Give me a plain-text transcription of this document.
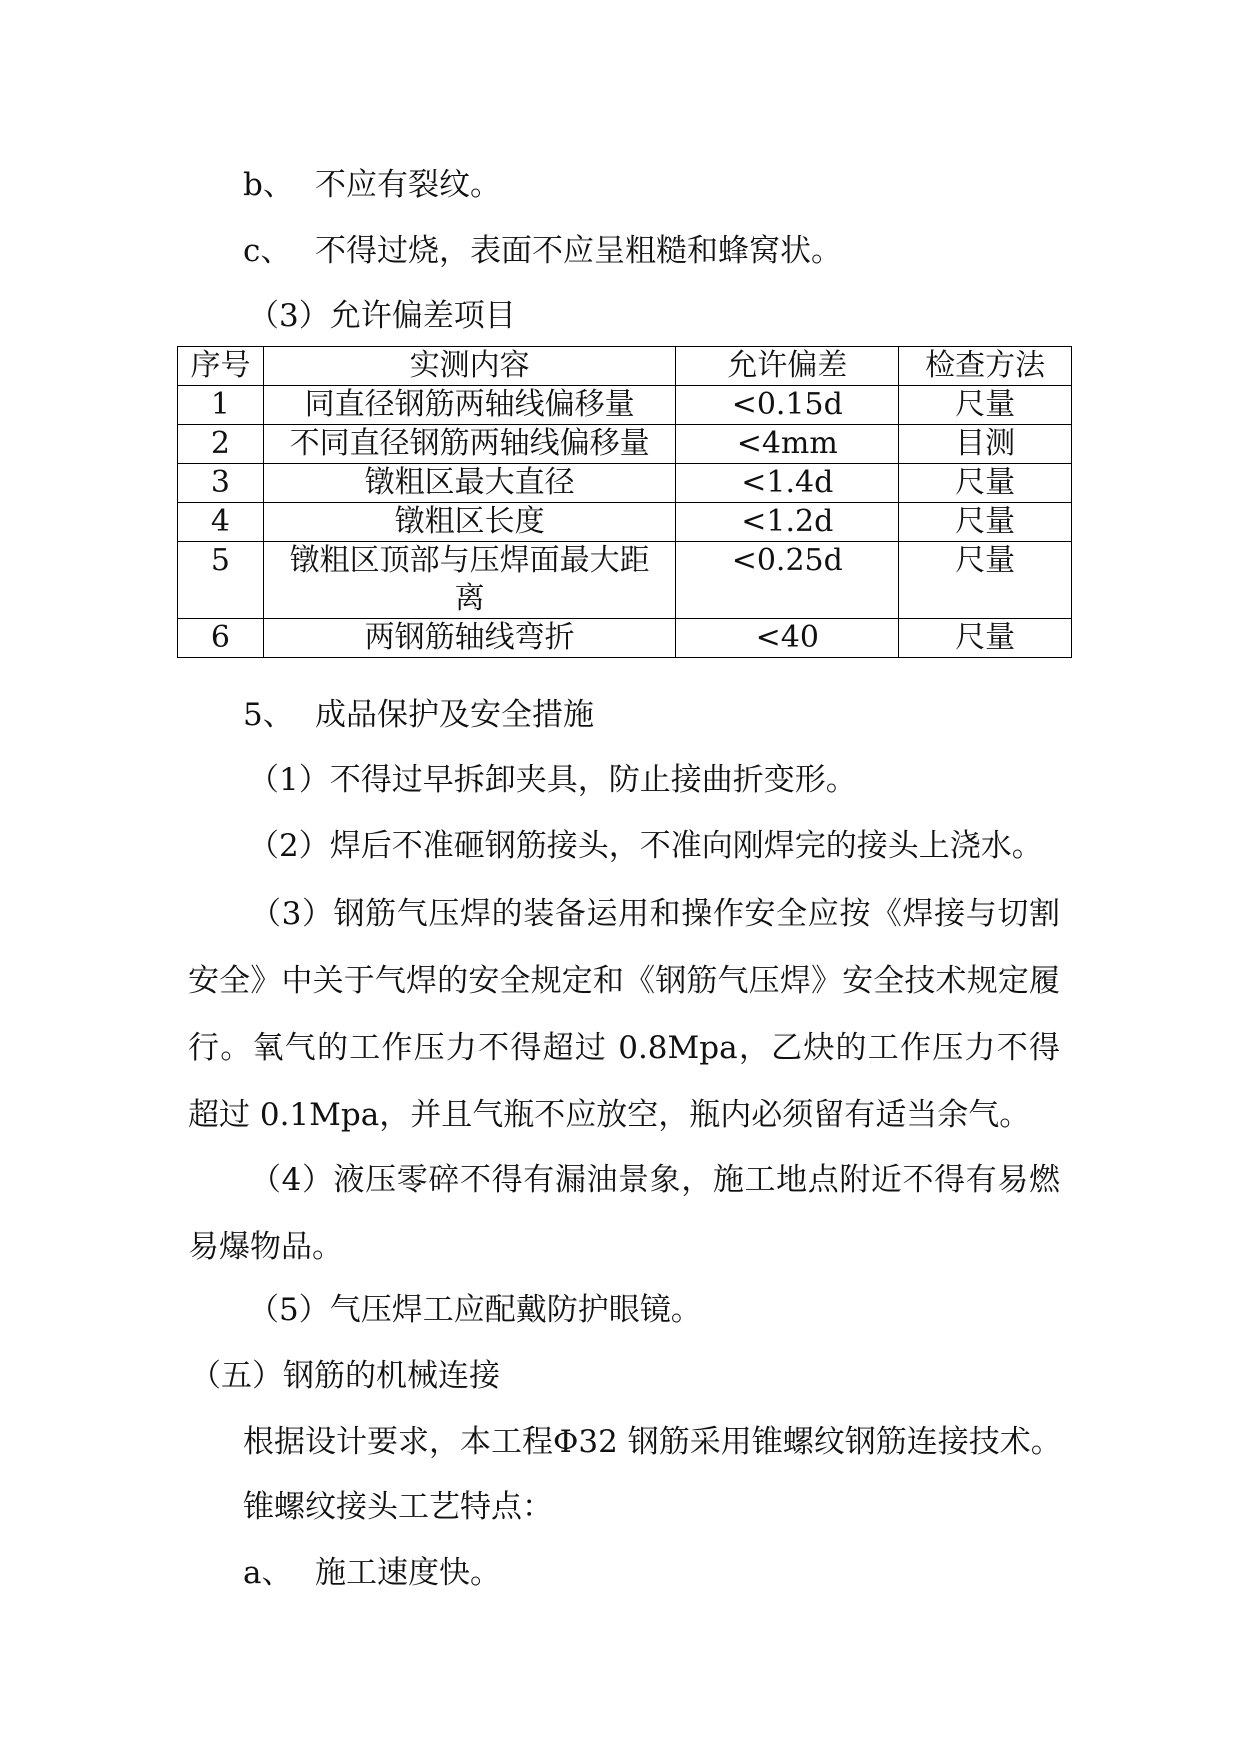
b、 不应有裂纹。
c、 不得过烧，表面不应呈粗糙和蜂窝状。
（3）允许偏差项目
序号	实测内容	允许偏差	检查方法
1	同直径钢筋两轴线偏移量	<0.15d	尺量
2	不同直径钢筋两轴线偏移量	<4mm	目测
3	镦粗区最大直径	<1.4d	尺量
4	镦粗区长度	<1.2d	尺量
5	镦粗区顶部与压焊面最大距离	<0.25d	尺量
6	两钢筋轴线弯折	<40	尺量
5、 成品保护及安全措施
（1）不得过早拆卸夹具，防止接曲折变形。
（2）焊后不准砸钢筋接头，不准向刚焊完的接头上浇水。
（3）钢筋气压焊的装备运用和操作安全应按《焊接与切割安全》中关于气焊的安全规定和《钢筋气压焊》安全技术规定履行。氧气的工作压力不得超过 0.8Mpa，乙炔的工作压力不得超过 0.1Mpa，并且气瓶不应放空，瓶内必须留有适当余气。
（4）液压零碎不得有漏油景象，施工地点附近不得有易燃易爆物品。
（5）气压焊工应配戴防护眼镜。
（五）钢筋的机械连接
根据设计要求，本工程Φ32 钢筋采用锥螺纹钢筋连接技术。
锥螺纹接头工艺特点：
a、 施工速度快。
